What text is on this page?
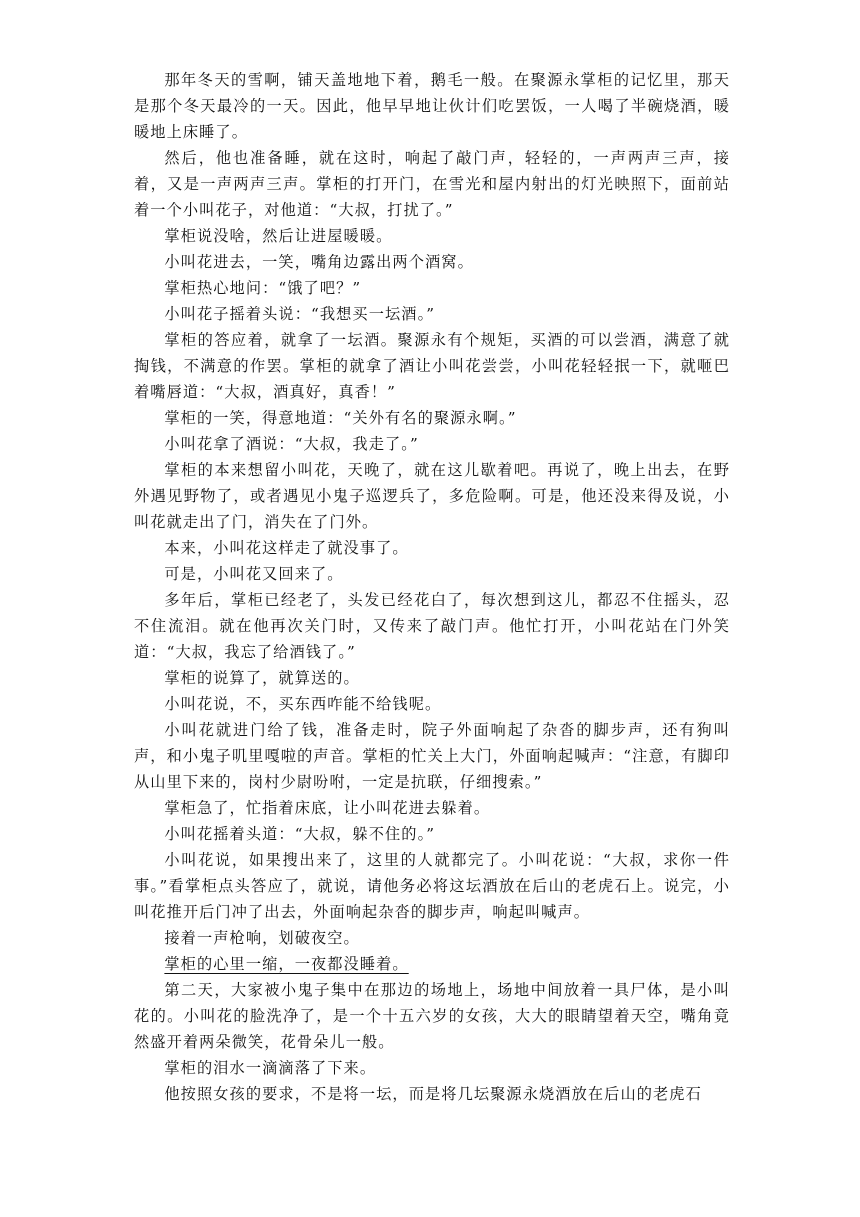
那年冬天的雪啊，铺天盖地地下着，鹅毛一般。在聚源永掌柜的记忆里，那天是那个冬天最冷的一天。因此，他早早地让伙计们吃罢饭，一人喝了半碗烧酒，暖暖地上床睡了。

然后，他也准备睡，就在这时，响起了敲门声，轻轻的，一声两声三声，接着，又是一声两声三声。掌柜的打开门，在雪光和屋内射出的灯光映照下，面前站着一个小叫花子，对他道：“大叔，打扰了。”

掌柜说没啥，然后让进屋暖暖。

小叫花进去，一笑，嘴角边露出两个酒窝。

掌柜热心地问：“饿了吧？”

小叫花子摇着头说：“我想买一坛酒。”

掌柜的答应着，就拿了一坛酒。聚源永有个规矩，买酒的可以尝酒，满意了就掏钱，不满意的作罢。掌柜的就拿了酒让小叫花尝尝，小叫花轻轻抿一下，就咂巴着嘴唇道：“大叔，酒真好，真香！”

掌柜的一笑，得意地道：“关外有名的聚源永啊。”

小叫花拿了酒说：“大叔，我走了。”

掌柜的本来想留小叫花，天晚了，就在这儿歇着吧。再说了，晚上出去，在野外遇见野物了，或者遇见小鬼子巡逻兵了，多危险啊。可是，他还没来得及说，小叫花就走出了门，消失在了门外。

本来，小叫花这样走了就没事了。

可是，小叫花又回来了。

多年后，掌柜已经老了，头发已经花白了，每次想到这儿，都忍不住摇头，忍不住流泪。就在他再次关门时，又传来了敲门声。他忙打开，小叫花站在门外笑道：“大叔，我忘了给酒钱了。”

掌柜的说算了，就算送的。

小叫花说，不，买东西咋能不给钱呢。

小叫花就进门给了钱，准备走时，院子外面响起了杂沓的脚步声，还有狗叫声，和小鬼子叽里嘎啦的声音。掌柜的忙关上大门，外面响起喊声：“注意，有脚印从山里下来的，岗村少尉吩咐，一定是抗联，仔细搜索。”

掌柜急了，忙指着床底，让小叫花进去躲着。

小叫花摇着头道：“大叔，躲不住的。”

小叫花说，如果搜出来了，这里的人就都完了。小叫花说：“大叔，求你一件事。”看掌柜点头答应了，就说，请他务必将这坛酒放在后山的老虎石上。说完，小叫花推开后门冲了出去，外面响起杂沓的脚步声，响起叫喊声。

接着一声枪响，划破夜空。

掌柜的心里一缩，一夜都没睡着。

第二天，大家被小鬼子集中在那边的场地上，场地中间放着一具尸体，是小叫花的。小叫花的脸洗净了，是一个十五六岁的女孩，大大的眼睛望着天空，嘴角竟然盛开着两朵微笑，花骨朵儿一般。

掌柜的泪水一滴滴落了下来。

他按照女孩的要求，不是将一坛，而是将几坛聚源永烧酒放在后山的老虎石
